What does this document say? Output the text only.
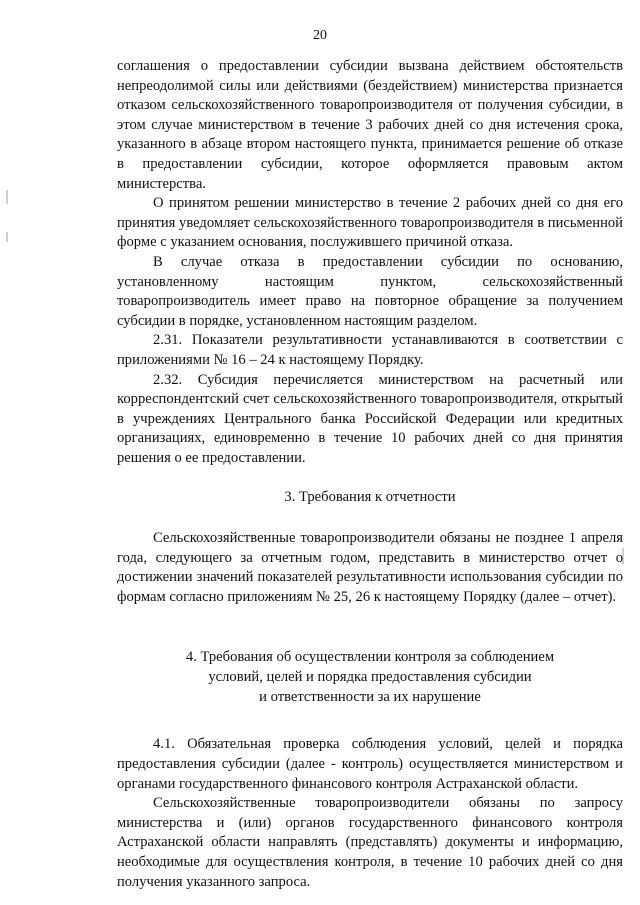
20

соглашения о предоставлении субсидии вызвана действием обстоятельств непреодолимой силы или действиями (бездействием) министерства признается отказом сельскохозяйственного товаропроизводителя от получения субсидии, в этом случае министерством в течение 3 рабочих дней со дня истечения срока, указанного в абзаце втором настоящего пункта, принимается решение об отказе в предоставлении субсидии, которое оформляется правовым актом министерства.

О принятом решении министерство в течение 2 рабочих дней со дня его принятия уведомляет сельскохозяйственного товаропроизводителя в письменной форме с указанием основания, послужившего причиной отказа.

В случае отказа в предоставлении субсидии по основанию, установленному настоящим пунктом, сельскохозяйственный товаропроизводитель имеет право на повторное обращение за получением субсидии в порядке, установленном настоящим разделом.

2.31. Показатели результативности устанавливаются в соответствии с приложениями № 16 – 24 к настоящему Порядку.

2.32. Субсидия перечисляется министерством на расчетный или корреспондентский счет сельскохозяйственного товаропроизводителя, открытый в учреждениях Центрального банка Российской Федерации или кредитных организациях, единовременно в течение 10 рабочих дней со дня принятия решения о ее предоставлении.

3. Требования к отчетности

Сельскохозяйственные товаропроизводители обязаны не позднее 1 апреля года, следующего за отчетным годом, представить в министерство отчет о достижении значений показателей результативности использования субсидии по формам согласно приложениям № 25, 26 к настоящему Порядку (далее – отчет).

4. Требования об осуществлении контроля за соблюдением
условий, целей и порядка предоставления субсидии
и ответственности за их нарушение

4.1. Обязательная проверка соблюдения условий, целей и порядка предоставления субсидии (далее - контроль) осуществляется министерством и органами государственного финансового контроля Астраханской области.

Сельскохозяйственные товаропроизводители обязаны по запросу министерства и (или) органов государственного финансового контроля Астраханской области направлять (представлять) документы и информацию, необходимые для осуществления контроля, в течение 10 рабочих дней со дня получения указанного запроса.
